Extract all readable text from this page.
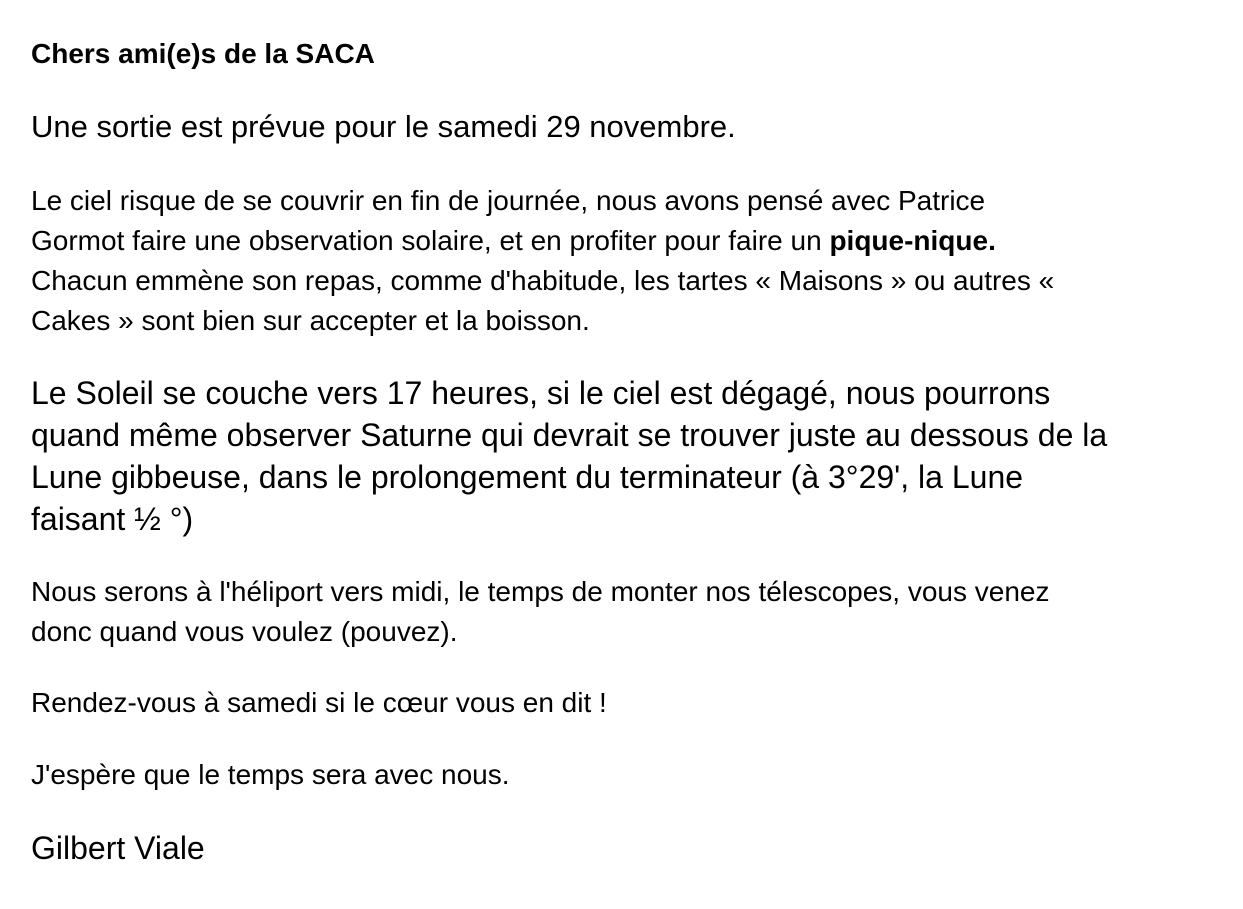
Chers ami(e)s de la SACA

Une sortie est prévue pour le samedi 29 novembre.

Le ciel risque de se couvrir en fin de journée, nous avons pensé avec Patrice

Gormot faire une observation solaire, et en profiter pour faire un pique-nique.

Chacun emmène son repas, comme d'habitude, les tartes « Maisons » ou autres «

Cakes » sont bien sur accepter et la boisson.

Le Soleil se couche vers 17 heures, si le ciel est dégagé, nous pourrons

quand même observer Saturne qui devrait se trouver juste au dessous de la

Lune gibbeuse, dans le prolongement du terminateur (à 3°29', la Lune

faisant ½ °)

Nous serons à l'héliport vers midi, le temps de monter nos télescopes, vous venez

donc quand vous voulez (pouvez).

Rendez-vous à samedi si le cœur vous en dit !

J'espère que le temps sera avec nous.

Gilbert Viale
